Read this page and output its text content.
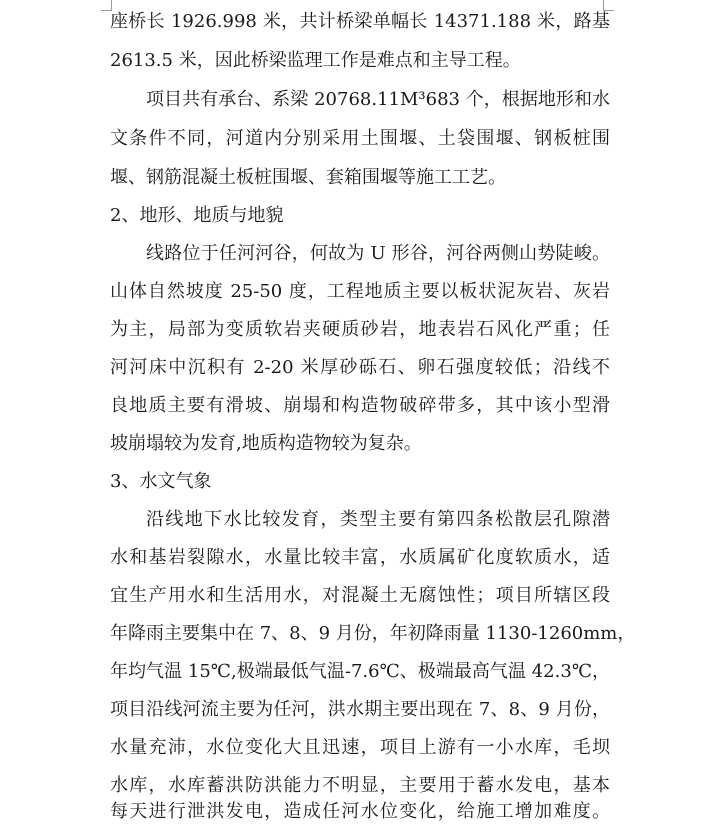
座桥长 1926.998 米，共计桥梁单幅长 14371.188 米，路基
2613.5 米，因此桥梁监理工作是难点和主导工程。
项目共有承台、系梁 20768.11M³683 个，根据地形和水
文条件不同，河道内分别采用土围堰、土袋围堰、钢板桩围
堰、钢筋混凝土板桩围堰、套箱围堰等施工工艺。
2、地形、地质与地貌
线路位于任河河谷，何故为 U 形谷，河谷两侧山势陡峻。
山体自然坡度 25-50 度，工程地质主要以板状泥灰岩、灰岩
为主，局部为变质软岩夹硬质砂岩，地表岩石风化严重；任
河河床中沉积有 2-20 米厚砂砾石、卵石强度较低；沿线不
良地质主要有滑坡、崩塌和构造物破碎带多，其中该小型滑
坡崩塌较为发育,地质构造物较为复杂。
3、水文气象
沿线地下水比较发育，类型主要有第四条松散层孔隙潜
水和基岩裂隙水，水量比较丰富，水质属矿化度软质水，适
宜生产用水和生活用水，对混凝土无腐蚀性；项目所辖区段
年降雨主要集中在 7、8、9 月份，年初降雨量 1130-1260mm，
年均气温 15℃,极端最低气温-7.6℃、极端最高气温 42.3℃，
项目沿线河流主要为任河，洪水期主要出现在 7、8、9 月份，
水量充沛，水位变化大且迅速，项目上游有一小水库，毛坝
水库，水库蓄洪防洪能力不明显，主要用于蓄水发电，基本
每天进行泄洪发电，造成任河水位变化，给施工增加难度。
